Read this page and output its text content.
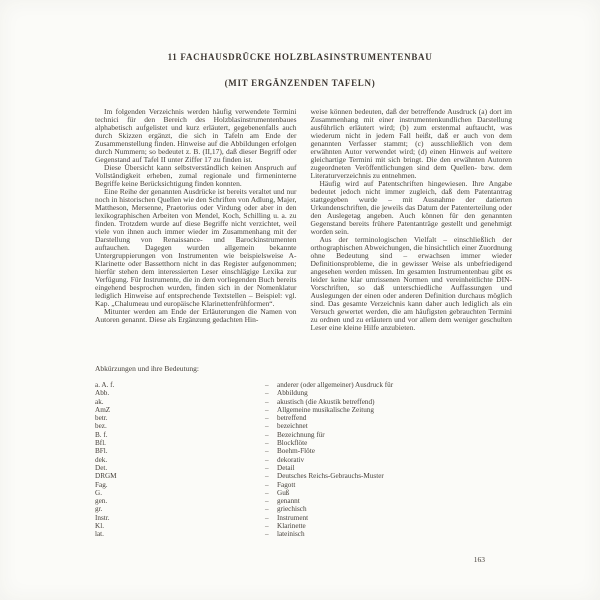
11 FACHAUSDRÜCKE HOLZBLASINSTRUMENTENBAU
(MIT ERGÄNZENDEN TAFELN)

Im folgenden Verzeichnis werden häufig verwendete Termini technici für den Bereich des Holzblasinstrumentenbaues alphabetisch aufgelistet und kurz erläutert, gegebenenfalls auch durch Skizzen ergänzt, die sich in Tafeln am Ende der Zusammenstellung finden. Hinweise auf die Abbildungen erfolgen durch Nummern; so bedeutet z. B. (II,17), daß dieser Begriff oder Gegenstand auf Tafel II unter Ziffer 17 zu finden ist.

Diese Übersicht kann selbstverständlich keinen Anspruch auf Vollständigkeit erheben, zumal regionale und firmeninterne Begriffe keine Berücksichtigung finden konnten.

Eine Reihe der genannten Ausdrücke ist bereits veraltet und nur noch in historischen Quellen wie den Schriften von Adlung, Majer, Mattheson, Mersenne, Praetorius oder Virdung oder aber in den lexikographischen Arbeiten von Mendel, Koch, Schilling u. a. zu finden. Trotzdem wurde auf diese Begriffe nicht verzichtet, weil viele von ihnen auch immer wieder im Zusammenhang mit der Darstellung von Renaissance- und Barockinstrumenten auftauchen. Dagegen wurden allgemein bekannte Untergruppierungen von Instrumenten wie beispielsweise A-Klarinette oder Bassetthorn nicht in das Register aufgenommen; hierfür stehen dem interessierten Leser einschlägige Lexika zur Verfügung. Für Instrumente, die in dem vorliegenden Buch bereits eingehend besprochen wurden, finden sich in der Nomenklatur lediglich Hinweise auf entsprechende Textstellen – Beispiel: vgl. Kap. „Chalumeau und europäische Klarinettenfrühformen“.

Mitunter werden am Ende der Erläuterungen die Namen von Autoren genannt. Diese als Ergänzung gedachten Hin-

weise können bedeuten, daß der betreffende Ausdruck (a) dort im Zusammenhang mit einer instrumentenkundlichen Darstellung ausführlich erläutert wird; (b) zum erstenmal auftaucht, was wiederum nicht in jedem Fall heißt, daß er auch von dem genannten Verfasser stammt; (c) ausschließlich von dem erwähnten Autor verwendet wird; (d) einen Hinweis auf weitere gleichartige Termini mit sich bringt. Die den erwähnten Autoren zugeordneten Veröffentlichungen sind dem Quellen- bzw. dem Literaturverzeichnis zu entnehmen.

Häufig wird auf Patentschriften hingewiesen. Ihre Angabe bedeutet jedoch nicht immer zugleich, daß dem Patentantrag stattgegeben wurde – mit Ausnahme der datierten Urkundenschriften, die jeweils das Datum der Patenterteilung oder den Auslegetag angeben. Auch können für den genannten Gegenstand bereits frühere Patentanträge gestellt und genehmigt worden sein.

Aus der terminologischen Vielfalt – einschließlich der orthographischen Abweichungen, die hinsichtlich einer Zuordnung ohne Bedeutung sind – erwachsen immer wieder Definitionsprobleme, die in gewisser Weise als unbefriedigend angesehen werden müssen. Im gesamten Instrumentenbau gibt es leider keine klar umrissenen Normen und vereinheitlichte DIN-Vorschriften, so daß unterschiedliche Auffassungen und Auslegungen der einen oder anderen Definition durchaus möglich sind. Das gesamte Verzeichnis kann daher auch lediglich als ein Versuch gewertet werden, die am häufigsten gebrauchten Termini zu ordnen und zu erläutern und vor allem dem weniger geschulten Leser eine kleine Hilfe anzubieten.

Abkürzungen und ihre Bedeutung:
a. A. f.	–	anderer (oder allgemeiner) Ausdruck für
Abb.	–	Abbildung
ak.	–	akustisch (die Akustik betreffend)
AmZ	–	Allgemeine musikalische Zeitung
betr.	–	betreffend
bez.	–	bezeichnet
B. f.	–	Bezeichnung für
Bfl.	–	Blockflöte
BFl.	–	Boehm-Flöte
dek.	–	dekorativ
Det.	–	Detail
DRGM	–	Deutsches Reichs-Gebrauchs-Muster
Fag.	–	Fagott
G.	–	Guß
gen.	–	genannt
gr.	–	griechisch
Instr.	–	Instrument
Kl.	–	Klarinette
lat.	–	lateinisch
163
